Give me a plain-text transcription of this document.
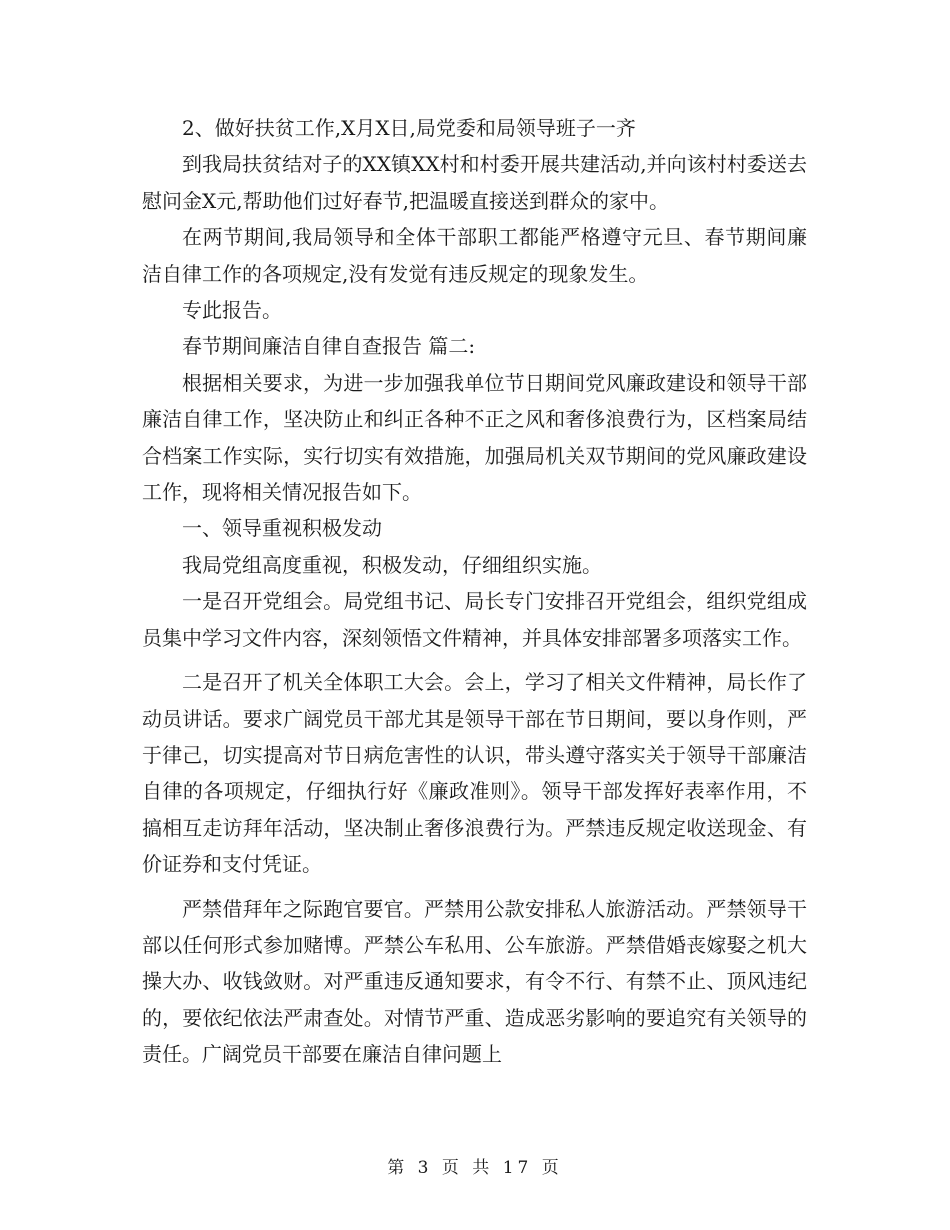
2、做好扶贫工作,X月X日,局党委和局领导班子一齐

到我局扶贫结对子的XX镇XX村和村委开展共建活动,并向该村村委送去慰问金X元,帮助他们过好春节,把温暖直接送到群众的家中。

在两节期间,我局领导和全体干部职工都能严格遵守元旦、春节期间廉洁自律工作的各项规定,没有发觉有违反规定的现象发生。

专此报告。

春节期间廉洁自律自查报告 篇二:

根据相关要求，为进一步加强我单位节日期间党风廉政建设和领导干部廉洁自律工作，坚决防止和纠正各种不正之风和奢侈浪费行为，区档案局结合档案工作实际，实行切实有效措施，加强局机关双节期间的党风廉政建设工作，现将相关情况报告如下。

一、领导重视积极发动

我局党组高度重视，积极发动，仔细组织实施。

一是召开党组会。局党组书记、局长专门安排召开党组会，组织党组成员集中学习文件内容，深刻领悟文件精神，并具体安排部署多项落实工作。

二是召开了机关全体职工大会。会上，学习了相关文件精神，局长作了动员讲话。要求广阔党员干部尤其是领导干部在节日期间，要以身作则，严于律己，切实提高对节日病危害性的认识，带头遵守落实关于领导干部廉洁自律的各项规定，仔细执行好《廉政准则》。领导干部发挥好表率作用，不搞相互走访拜年活动，坚决制止奢侈浪费行为。严禁违反规定收送现金、有价证券和支付凭证。

严禁借拜年之际跑官要官。严禁用公款安排私人旅游活动。严禁领导干部以任何形式参加赌博。严禁公车私用、公车旅游。严禁借婚丧嫁娶之机大操大办、收钱敛财。对严重违反通知要求，有令不行、有禁不止、顶风违纪的，要依纪依法严肃查处。对情节严重、造成恶劣影响的要追究有关领导的责任。广阔党员干部要在廉洁自律问题上

第 3 页 共 17 页
